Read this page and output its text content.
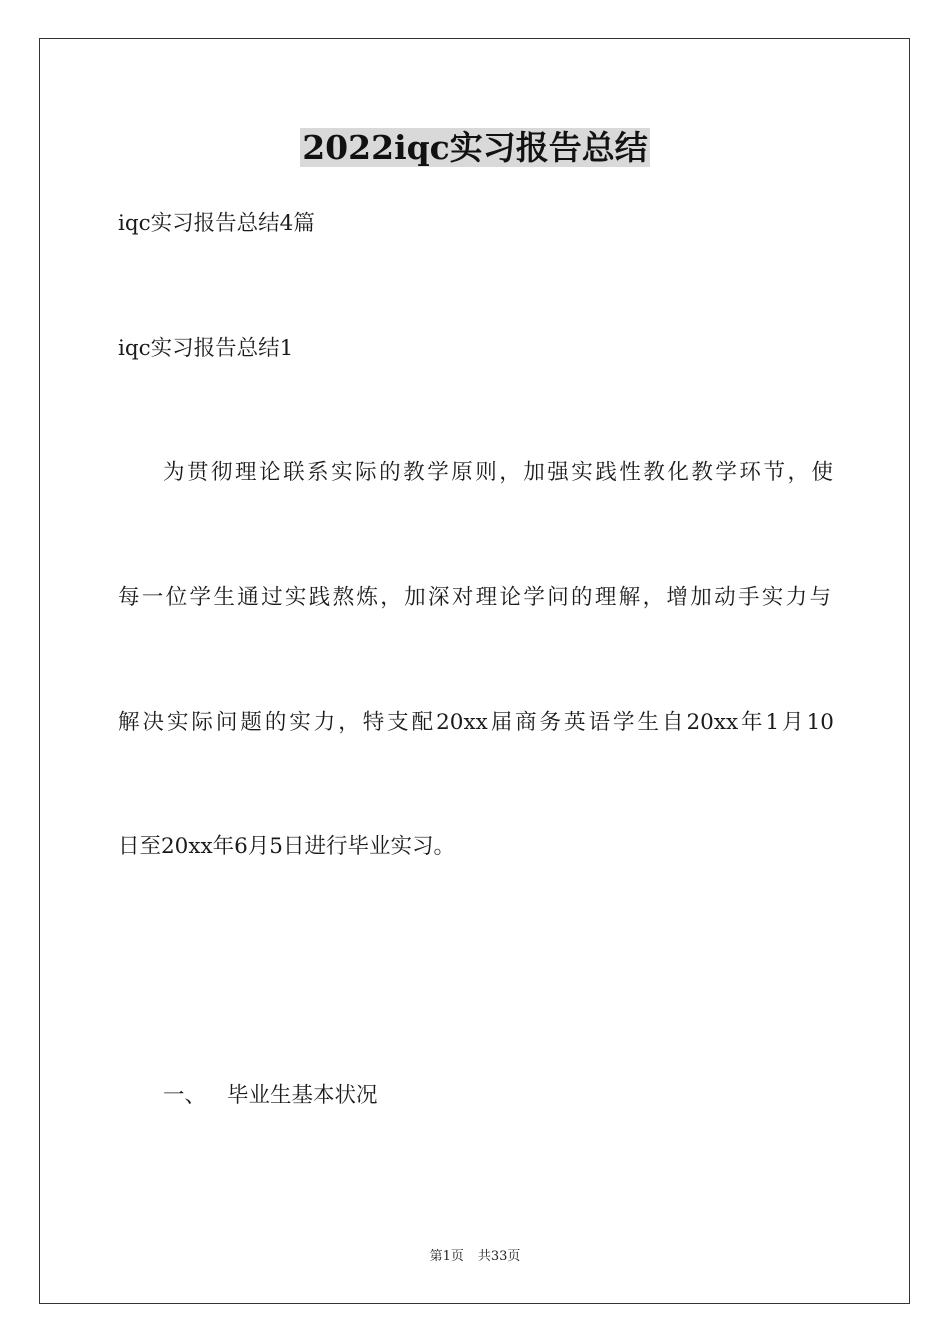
2022iqc实习报告总结
iqc实习报告总结4篇
iqc实习报告总结1
为贯彻理论联系实际的教学原则，加强实践性教化教学环节，使
每一位学生通过实践熬炼，加深对理论学问的理解，增加动手实力与
解决实际问题的实力，特支配20xx届商务英语学生自20xx年1月10
日至20xx年6月5日进行毕业实习。
一、 毕业生基本状况
第1页 共33页
